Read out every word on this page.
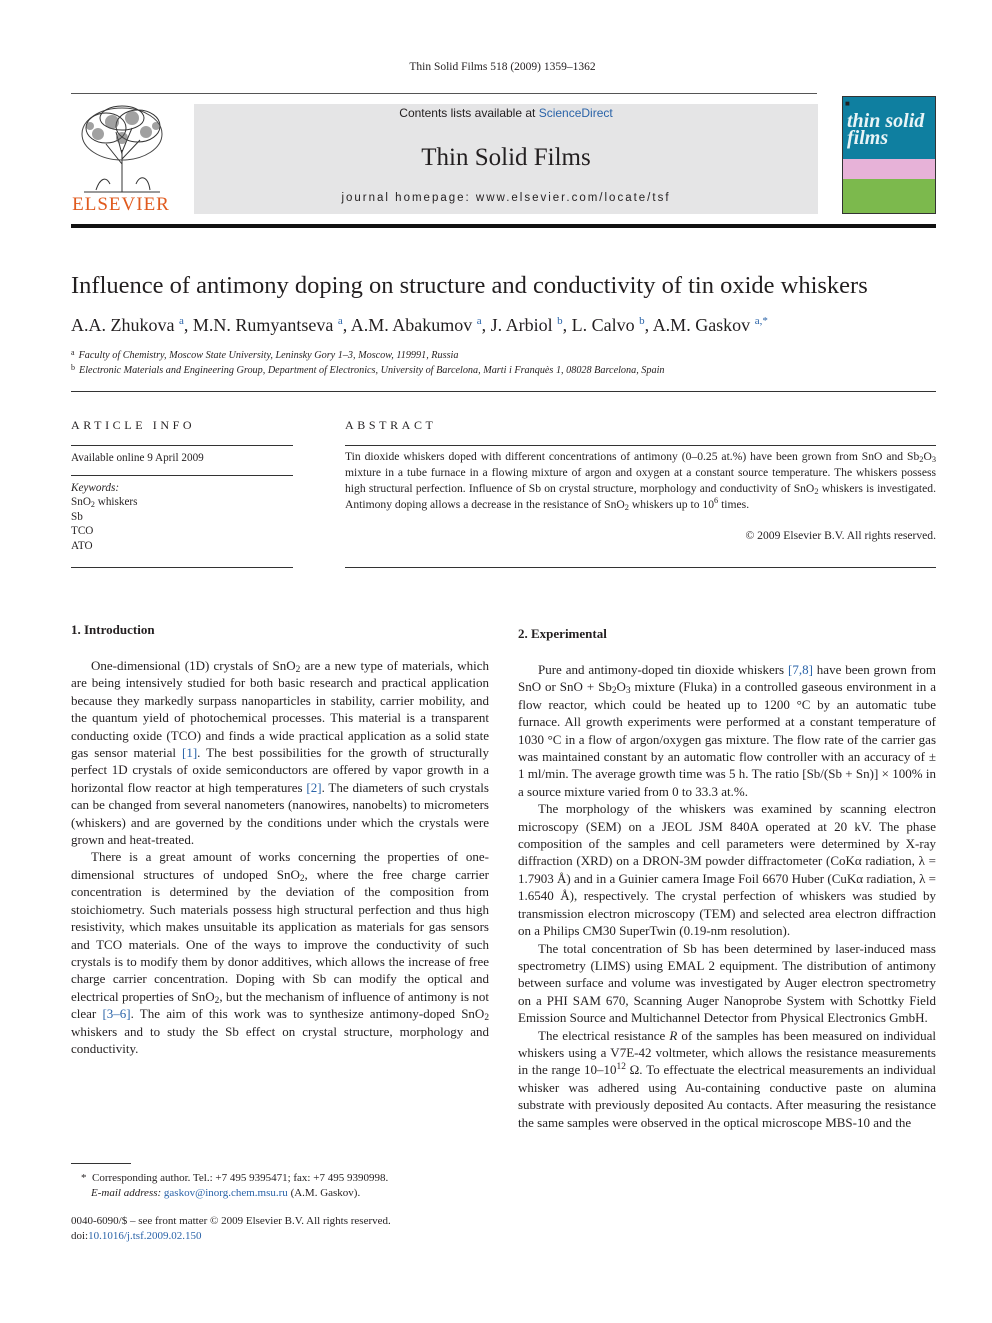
Thin Solid Films 518 (2009) 1359–1362
ELSEVIER
Contents lists available at ScienceDirect
Thin Solid Films
journal homepage: www.elsevier.com/locate/tsf
■
thin solid films
Influence of antimony doping on structure and conductivity of tin oxide whiskers
A.A. Zhukova $^a$, M.N. Rumyantseva $^a$, A.M. Abakumov $^a$, J. Arbiol $^b$, L. Calvo $^b$, A.M. Gaskov $^{a,*}$
$^a$ Faculty of Chemistry, Moscow State University, Leninsky Gory 1–3, Moscow, 119991, Russia
$^b$ Electronic Materials and Engineering Group, Department of Electronics, University of Barcelona, Marti i Franquès 1, 08028 Barcelona, Spain
ARTICLE INFO
Available online 9 April 2009
Keywords:
SnO$_2$ whiskers
Sb
TCO
ATO
ABSTRACT
Tin dioxide whiskers doped with different concentrations of antimony (0–0.25 at.%) have been grown from SnO and $Sb_2O_3$ mixture in a tube furnace in a flowing mixture of argon and oxygen at a constant source temperature. The whiskers possess high structural perfection. Influence of Sb on crystal structure, morphology and conductivity of SnO$_2$ whiskers is investigated. Antimony doping allows a decrease in the resistance of SnO$_2$ whiskers up to $10^6$ times.
© 2009 Elsevier B.V. All rights reserved.
1. Introduction

One-dimensional (1D) crystals of SnO$_2$ are a new type of materials, which are being intensively studied for both basic research and practical application because they markedly surpass nanoparticles in stability, carrier mobility, and the quantum yield of photochemical processes. This material is a transparent conducting oxide (TCO) and finds a wide practical application as a solid state gas sensor material [1]. The best possibilities for the growth of structurally perfect 1D crystals of oxide semiconductors are offered by vapor growth in a horizontal flow reactor at high temperatures [2]. The diameters of such crystals can be changed from several nanometers (nanowires, nanobelts) to micrometers (whiskers) and are governed by the conditions under which the crystals were grown and heat-treated.

There is a great amount of works concerning the properties of one-dimensional structures of undoped SnO$_2$, where the free charge carrier concentration is determined by the deviation of the composition from stoichiometry. Such materials possess high structural perfection and thus high resistivity, which makes unsuitable its application as materials for gas sensors and TCO materials. One of the ways to improve the conductivity of such crystals is to modify them by donor additives, which allows the increase of free charge carrier concentration. Doping with Sb can modify the optical and electrical properties of SnO$_2$, but the mechanism of influence of antimony is not clear [3–6]. The aim of this work was to synthesize antimony-doped SnO$_2$ whiskers and to study the Sb effect on crystal structure, morphology and conductivity.

*  Corresponding author. Tel.: +7 495 9395471; fax: +7 495 9390998.
E-mail address: gaskov@inorg.chem.msu.ru (A.M. Gaskov).
0040-6090/$ – see front matter © 2009 Elsevier B.V. All rights reserved.
doi:10.1016/j.tsf.2009.02.150
2. Experimental

Pure and antimony-doped tin dioxide whiskers [7,8] have been grown from SnO or SnO + $Sb_2O_3$ mixture (Fluka) in a controlled gaseous environment in a flow reactor, which could be heated up to 1200 °C by an automatic tube furnace. All growth experiments were performed at a constant temperature of 1030 °C in a flow of argon/oxygen gas mixture. The flow rate of the carrier gas was maintained constant by an automatic flow controller with an accuracy of ± 1 ml/min. The average growth time was 5 h. The ratio [Sb/(Sb + Sn)] × 100% in a source mixture varied from 0 to 33.3 at.%.

The morphology of the whiskers was examined by scanning electron microscopy (SEM) on a JEOL JSM 840A operated at 20 kV. The phase composition of the samples and cell parameters were determined by X-ray diffraction (XRD) on a DRON-3M powder diffractometer (CoKα radiation, λ = 1.7903 Å) and in a Guinier camera Image Foil 6670 Huber (CuKα radiation, λ = 1.6540 Å), respectively. The crystal perfection of whiskers was studied by transmission electron microscopy (TEM) and selected area electron diffraction on a Philips CM30 SuperTwin (0.19-nm resolution).

The total concentration of Sb has been determined by laser-induced mass spectrometry (LIMS) using EMAL 2 equipment. The distribution of antimony between surface and volume was investigated by Auger electron spectrometry on a PHI SAM 670, Scanning Auger Nanoprobe System with Schottky Field Emission Source and Multichannel Detector from Physical Electronics GmbH.

The electrical resistance R of the samples has been measured on individual whiskers using a V7E-42 voltmeter, which allows the resistance measurements in the range $10-10^{12}$ Ω. To effectuate the electrical measurements an individual whisker was adhered using Au-containing conductive paste on alumina substrate with previously deposited Au contacts. After measuring the resistance the same samples were observed in the optical microscope MBS-10 and the
